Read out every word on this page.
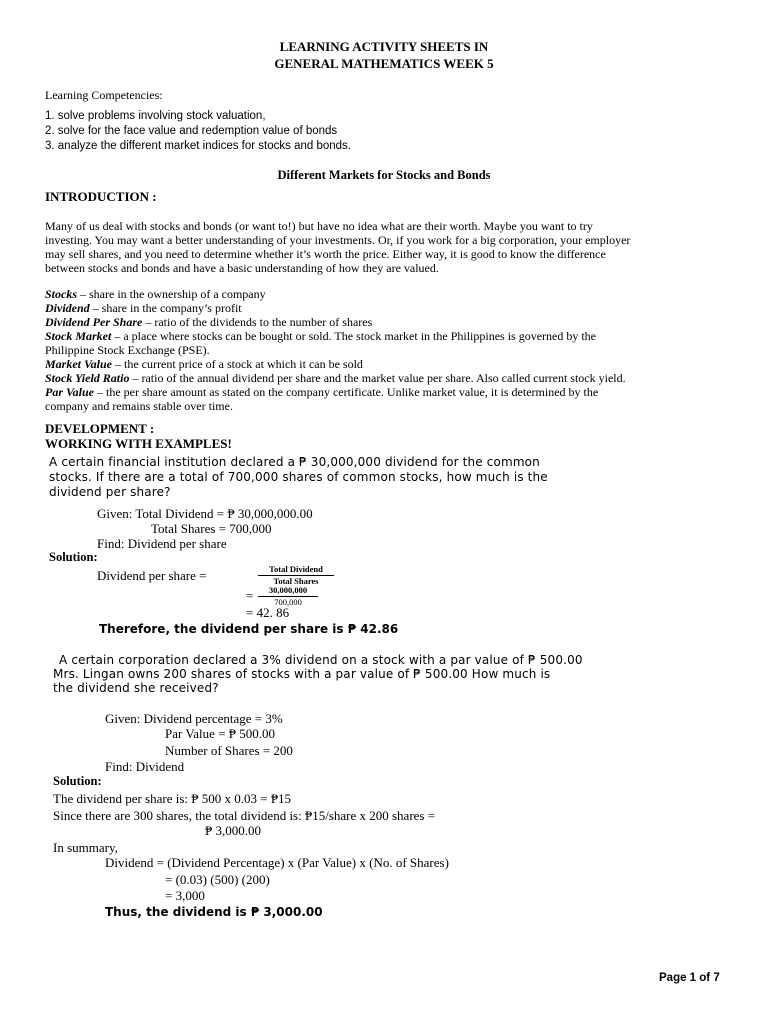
LEARNING ACTIVITY SHEETS IN
GENERAL MATHEMATICS WEEK 5
Learning Competencies:
1. solve problems involving stock valuation,
2. solve for the face value and redemption value of bonds
3. analyze the different market indices for stocks and bonds.
Different Markets for Stocks and Bonds
INTRODUCTION :
Many of us deal with stocks and bonds (or want to!) but have no idea what are their worth. Maybe you want to try
investing. You may want a better understanding of your investments. Or, if you work for a big corporation, your employer
may sell shares, and you need to determine whether it’s worth the price. Either way, it is good to know the difference
between stocks and bonds and have a basic understanding of how they are valued.
Stocks – share in the ownership of a company
Dividend – share in the company’s profit
Dividend Per Share – ratio of the dividends to the number of shares
Stock Market – a place where stocks can be bought or sold. The stock market in the Philippines is governed by the
Philippine Stock Exchange (PSE).
Market Value – the current price of a stock at which it can be sold
Stock Yield Ratio – ratio of the annual dividend per share and the market value per share. Also called current stock yield.
Par Value – the per share amount as stated on the company certificate. Unlike market value, it is determined by the
company and remains stable over time.
DEVELOPMENT :
WORKING WITH EXAMPLES!
A certain financial institution declared a ₱ 30,000,000 dividend for the common
stocks. If there are a total of 700,000 shares of common stocks, how much is the
dividend per share?
Given: Total Dividend = ₱ 30,000,000.00
Total Shares = 700,000
Find: Dividend per share
Solution:
Dividend per share =	Total Dividend
Total Shares
=	30,000,000
700,000
= 42. 86
Therefore, the dividend per share is ₱ 42.86
A certain corporation declared a 3% dividend on a stock with a par value of ₱ 500.00
Mrs. Lingan owns 200 shares of stocks with a par value of ₱ 500.00 How much is
the dividend she received?
Given: Dividend percentage = 3%
Par Value = ₱ 500.00
Number of Shares = 200
Find: Dividend
Solution:
The dividend per share is: ₱ 500 x 0.03 = ₱15
Since there are 300 shares, the total dividend is: ₱15/share x 200 shares =
₱ 3,000.00
In summary,
Dividend = (Dividend Percentage) x (Par Value) x (No. of Shares)
= (0.03) (500) (200)
= 3,000
Thus, the dividend is ₱ 3,000.00
Page 1 of 7
